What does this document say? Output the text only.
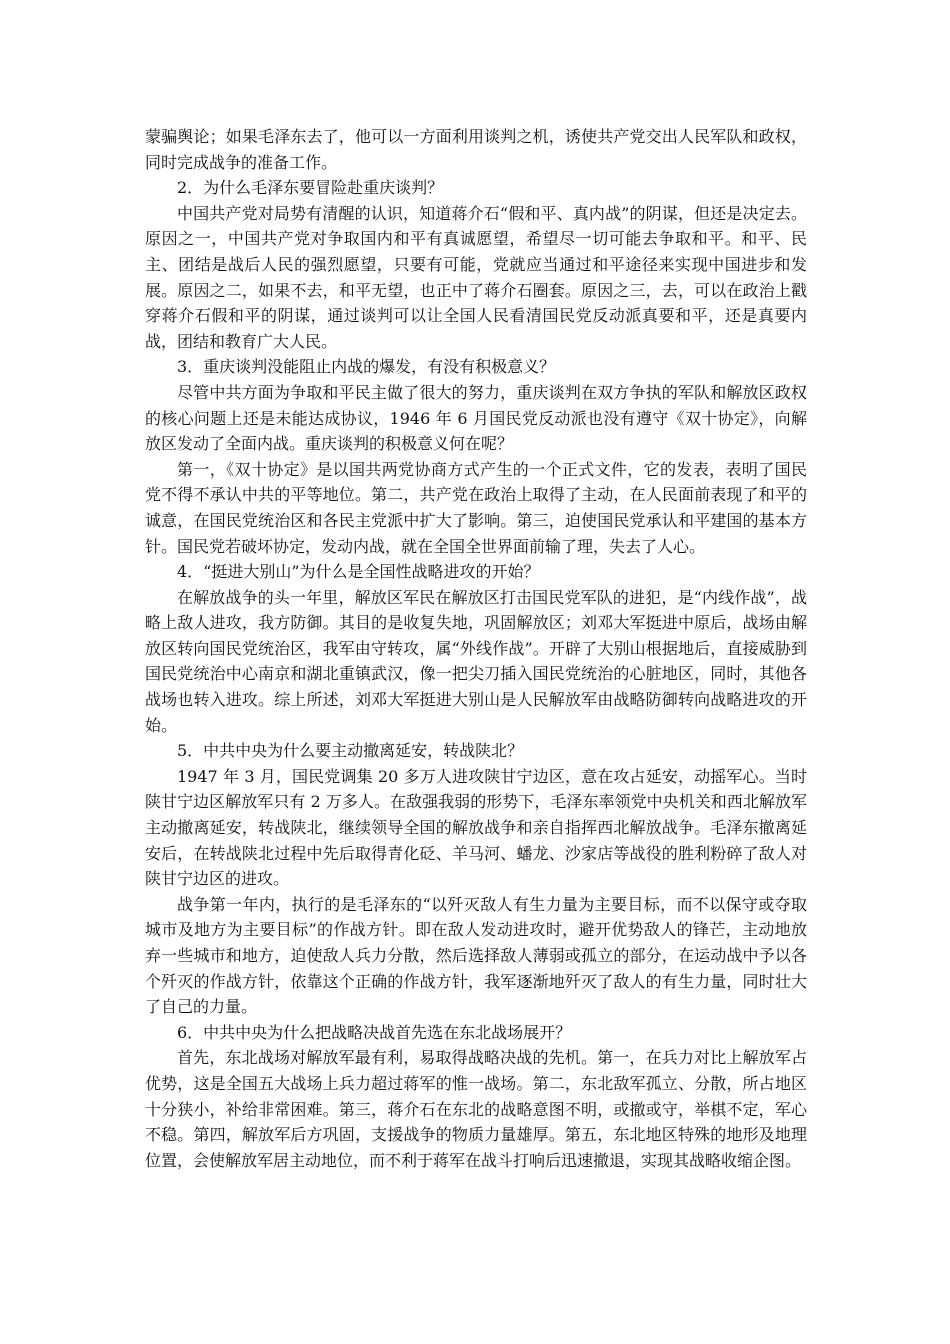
蒙骗舆论；如果毛泽东去了，他可以一方面利用谈判之机，诱使共产党交出人民军队和政权，同时完成战争的准备工作。

2．为什么毛泽东要冒险赴重庆谈判？

中国共产党对局势有清醒的认识，知道蒋介石“假和平、真内战”的阴谋，但还是决定去。原因之一，中国共产党对争取国内和平有真诚愿望，希望尽一切可能去争取和平。和平、民主、团结是战后人民的强烈愿望，只要有可能，党就应当通过和平途径来实现中国进步和发展。原因之二，如果不去，和平无望，也正中了蒋介石圈套。原因之三，去，可以在政治上戳穿蒋介石假和平的阴谋，通过谈判可以让全国人民看清国民党反动派真要和平，还是真要内战，团结和教育广大人民。

3．重庆谈判没能阻止内战的爆发，有没有积极意义？

尽管中共方面为争取和平民主做了很大的努力，重庆谈判在双方争执的军队和解放区政权的核心问题上还是未能达成协议，1946 年 6 月国民党反动派也没有遵守《双十协定》，向解放区发动了全面内战。重庆谈判的积极意义何在呢？

第一，《双十协定》是以国共两党协商方式产生的一个正式文件，它的发表，表明了国民党不得不承认中共的平等地位。第二，共产党在政治上取得了主动，在人民面前表现了和平的诚意，在国民党统治区和各民主党派中扩大了影响。第三，迫使国民党承认和平建国的基本方针。国民党若破坏协定，发动内战，就在全国全世界面前输了理，失去了人心。

4．“挺进大别山”为什么是全国性战略进攻的开始？

在解放战争的头一年里，解放区军民在解放区打击国民党军队的进犯，是“内线作战”，战略上敌人进攻，我方防御。其目的是收复失地，巩固解放区；刘邓大军挺进中原后，战场由解放区转向国民党统治区，我军由守转攻，属“外线作战”。开辟了大别山根据地后，直接威胁到国民党统治中心南京和湖北重镇武汉，像一把尖刀插入国民党统治的心脏地区，同时，其他各战场也转入进攻。综上所述，刘邓大军挺进大别山是人民解放军由战略防御转向战略进攻的开始。

5．中共中央为什么要主动撤离延安，转战陕北？

1947 年 3 月，国民党调集 20 多万人进攻陕甘宁边区，意在攻占延安，动摇军心。当时陕甘宁边区解放军只有 2 万多人。在敌强我弱的形势下，毛泽东率领党中央机关和西北解放军主动撤离延安，转战陕北，继续领导全国的解放战争和亲自指挥西北解放战争。毛泽东撤离延安后，在转战陕北过程中先后取得青化砭、羊马河、蟠龙、沙家店等战役的胜利粉碎了敌人对陕甘宁边区的进攻。

战争第一年内，执行的是毛泽东的“以歼灭敌人有生力量为主要目标，而不以保守或夺取城市及地方为主要目标”的作战方针。即在敌人发动进攻时，避开优势敌人的锋芒，主动地放弃一些城市和地方，迫使敌人兵力分散，然后选择敌人薄弱或孤立的部分，在运动战中予以各个歼灭的作战方针，依靠这个正确的作战方针，我军逐渐地歼灭了敌人的有生力量，同时壮大了自己的力量。

6．中共中央为什么把战略决战首先选在东北战场展开？

首先，东北战场对解放军最有利，易取得战略决战的先机。第一，在兵力对比上解放军占优势，这是全国五大战场上兵力超过蒋军的惟一战场。第二，东北敌军孤立、分散，所占地区十分狭小，补给非常困难。第三，蒋介石在东北的战略意图不明，或撤或守，举棋不定，军心不稳。第四，解放军后方巩固，支援战争的物质力量雄厚。第五，东北地区特殊的地形及地理位置，会使解放军居主动地位，而不利于蒋军在战斗打响后迅速撤退，实现其战略收缩企图。
